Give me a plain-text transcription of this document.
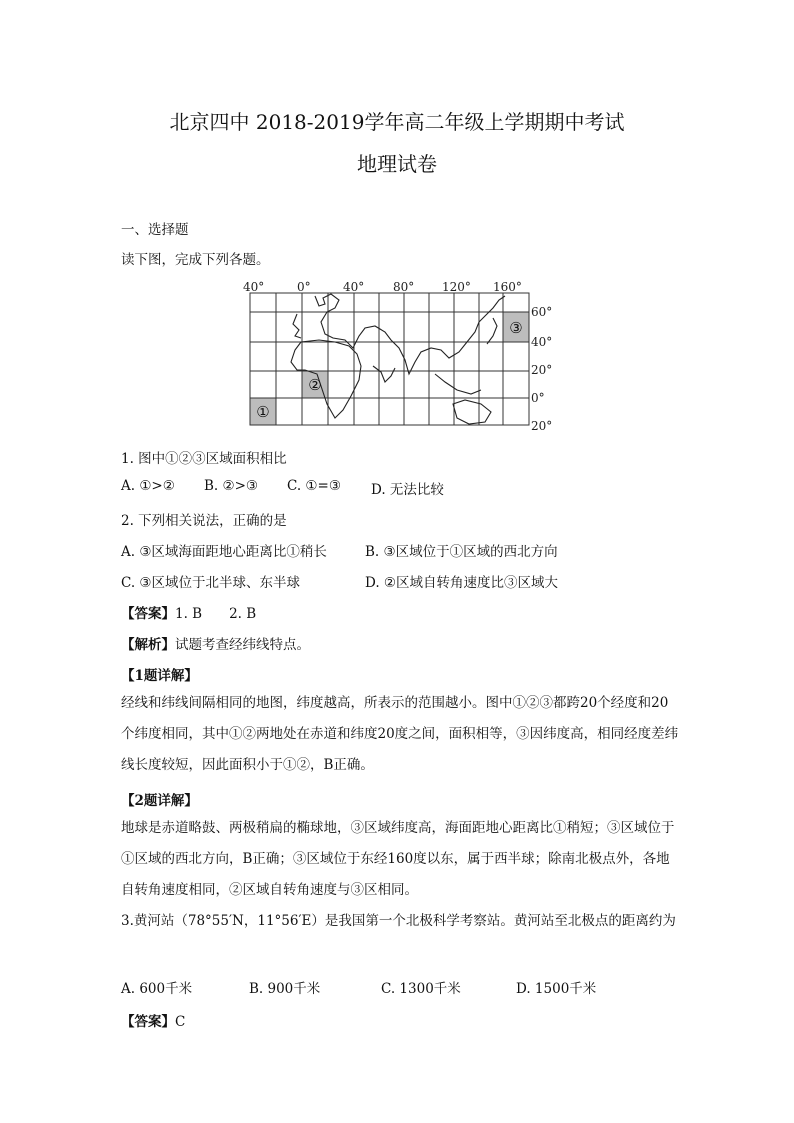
北京四中 2018-2019学年高二年级上学期期中考试
地理试卷
一、选择题
读下图，完成下列各题。
40°	0°	40° 80° 120° 160°
60°
40°
20°
0°
20°
①
②
③
1. 图中①②③区域面积相比
A. ①>② B. ②>③ C. ①=③ D. 无法比较
2. 下列相关说法，正确的是
A. ③区域海面距地心距离比①稍长	B. ③区域位于①区域的西北方向
C. ③区域位于北半球、东半球	D. ②区域自转角速度比③区域大
【答案】1. B　　2. B
【解析】试题考查经纬线特点。
【1题详解】
经线和纬线间隔相同的地图，纬度越高，所表示的范围越小。图中①②③都跨20个经度和20个纬度相同，其中①②两地处在赤道和纬度20度之间，面积相等，③因纬度高，相同经度差纬线长度较短，因此面积小于①②，B正确。
【2题详解】
地球是赤道略鼓、两极稍扁的椭球地，③区域纬度高，海面距地心距离比①稍短；③区域位于①区域的西北方向，B正确；③区域位于东经160度以东，属于西半球；除南北极点外，各地自转角速度相同，②区域自转角速度与③区相同。
3.黄河站（78°55′N，11°56′E）是我国第一个北极科学考察站。黄河站至北极点的距离约为
A. 600千米	B. 900千米	C. 1300千米	D. 1500千米
【答案】C
